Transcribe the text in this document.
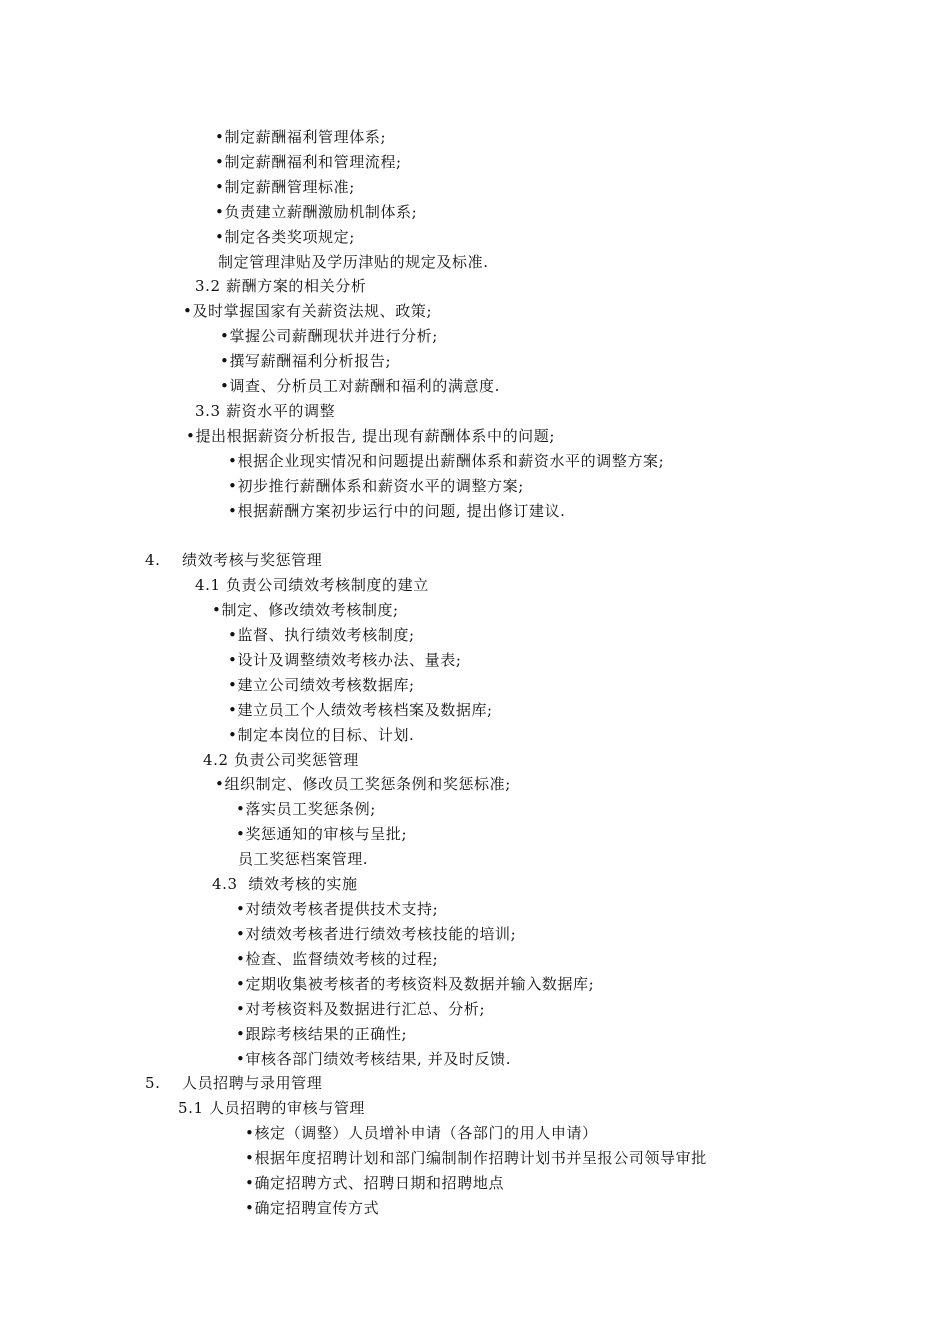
•制定薪酬福利管理体系;
•制定薪酬福利和管理流程;
•制定薪酬管理标准;
•负责建立薪酬激励机制体系;
•制定各类奖项规定;
制定管理津贴及学历津贴的规定及标准.
3.2 薪酬方案的相关分析
•及时掌握国家有关薪资法规、政策;
•掌握公司薪酬现状并进行分析;
•撰写薪酬福利分析报告;
•调查、分析员工对薪酬和福利的满意度.
3.3 薪资水平的调整
•提出根据薪资分析报告, 提出现有薪酬体系中的问题;
•根据企业现实情况和问题提出薪酬体系和薪资水平的调整方案;
•初步推行薪酬体系和薪资水平的调整方案;
•根据薪酬方案初步运行中的问题, 提出修订建议.
4.    绩效考核与奖惩管理
4.1 负责公司绩效考核制度的建立
•制定、修改绩效考核制度;
•监督、执行绩效考核制度;
•设计及调整绩效考核办法、量表;
•建立公司绩效考核数据库;
•建立员工个人绩效考核档案及数据库;
•制定本岗位的目标、计划.
4.2 负责公司奖惩管理
•组织制定、修改员工奖惩条例和奖惩标准;
•落实员工奖惩条例;
•奖惩通知的审核与呈批;
员工奖惩档案管理.
4.3  绩效考核的实施
•对绩效考核者提供技术支持;
•对绩效考核者进行绩效考核技能的培训;
•检查、监督绩效考核的过程;
•定期收集被考核者的考核资料及数据并输入数据库;
•对考核资料及数据进行汇总、分析;
•跟踪考核结果的正确性;
•审核各部门绩效考核结果, 并及时反馈.
5.    人员招聘与录用管理
5.1 人员招聘的审核与管理
•核定（调整）人员增补申请（各部门的用人申请）
•根据年度招聘计划和部门编制制作招聘计划书并呈报公司领导审批
•确定招聘方式、招聘日期和招聘地点
•确定招聘宣传方式
